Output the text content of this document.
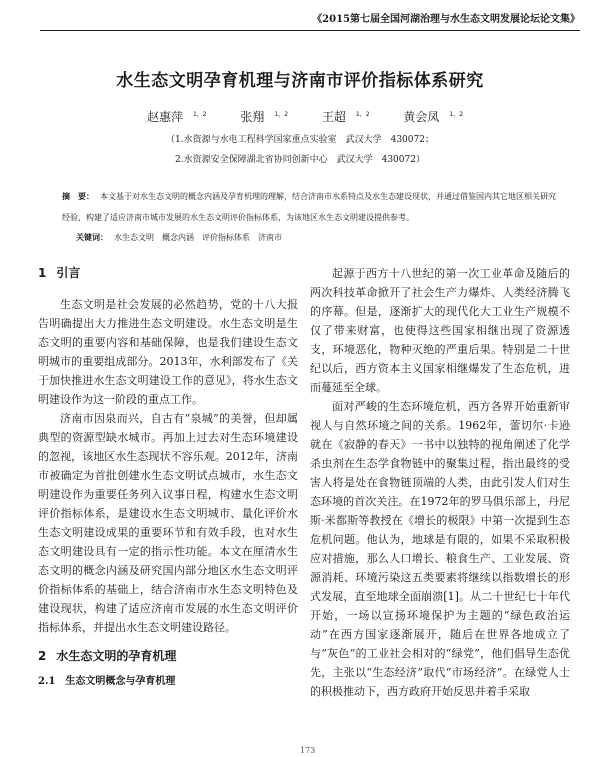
《2015第七届全国河湖治理与水生态文明发展论坛论文集》
水生态文明孕育机理与济南市评价指标体系研究
赵惠萍 $^{1,2}$	张翔 $^{1,2}$	王超 $^{1,2}$	黄会凤 $^{1,2}$
（1.水资源与水电工程科学国家重点实验室　武汉大学　430072；
2.水资源安全保障湖北省协同创新中心　武汉大学　430072）
摘　要： 本文基于对水生态文明的概念内涵及孕育机理的理解，结合济南市水系特点及水生态建设现状，并通过借鉴国内其它地区相关研究经验，构建了适应济南市城市发展的水生态文明评价指标体系，为该地区水生态文明建设提供参考。
关键词： 水生态文明　概念内涵　评价指标体系　济南市
1 引言

生态文明是社会发展的必然趋势，党的十八大报告明确提出大力推进生态文明建设。水生态文明是生态文明的重要内容和基础保障，也是我们建设生态文明城市的重要组成部分。2013年，水利部发布了《关于加快推进水生态文明建设工作的意见》，将水生态文明建设作为这一阶段的重点工作。

济南市因泉而兴，自古有“泉城”的美誉，但却属典型的资源型缺水城市。再加上过去对生态环境建设的忽视，该地区水生态现状不容乐观。2012年，济南市被确定为首批创建水生态文明试点城市，水生态文明建设作为重要任务列入议事日程，构建水生态文明评价指标体系，是建设水生态文明城市、量化评价水生态文明建设成果的重要环节和有效手段，也对水生态文明建设具有一定的指示性功能。本文在厘清水生态文明的概念内涵及研究国内部分地区水生态文明评价指标体系的基础上，结合济南市水生态文明特色及建设现状，构建了适应济南市发展的水生态文明评价指标体系，并提出水生态文明建设路径。

2 水生态文明的孕育机理
2.1 生态文明概念与孕育机理

起源于西方十八世纪的第一次工业革命及随后的两次科技革命掀开了社会生产力爆炸、人类经济腾飞的序幕。但是，逐渐扩大的现代化大工业生产规模不仅了带来财富，也使得这些国家相继出现了资源透支，环境恶化，物种灭绝的严重后果。特别是二十世纪以后，西方资本主义国家相继爆发了生态危机，进而蔓延至全球。

面对严峻的生态环境危机，西方各界开始重新审视人与自然环境之间的关系。1962年，蕾切尔·卡逊就在《寂静的春天》一书中以独特的视角阐述了化学杀虫剂在生态学食物链中的聚集过程，指出最终的受害人将是处在食物链顶端的人类，由此引发人们对生态环境的首次关注。在1972年的罗马俱乐部上，丹尼斯·米都斯等教授在《增长的极限》中第一次提到生态危机问题。他认为，地球是有限的，如果不采取积极应对措施，那么人口增长、粮食生产、工业发展、资源消耗、环境污染这五类要素将继续以指数增长的形式发展，直至地球全面崩溃[1]。从二十世纪七十年代开始，一场以宣扬环境保护为主题的“绿色政治运动”在西方国家逐渐展开，随后在世界各地成立了与“灰色”的工业社会相对的“绿党”，他们倡导生态优先，主张以“生态经济”取代“市场经济”。在绿党人士的积极推动下，西方政府开始反思并着手采取

173
